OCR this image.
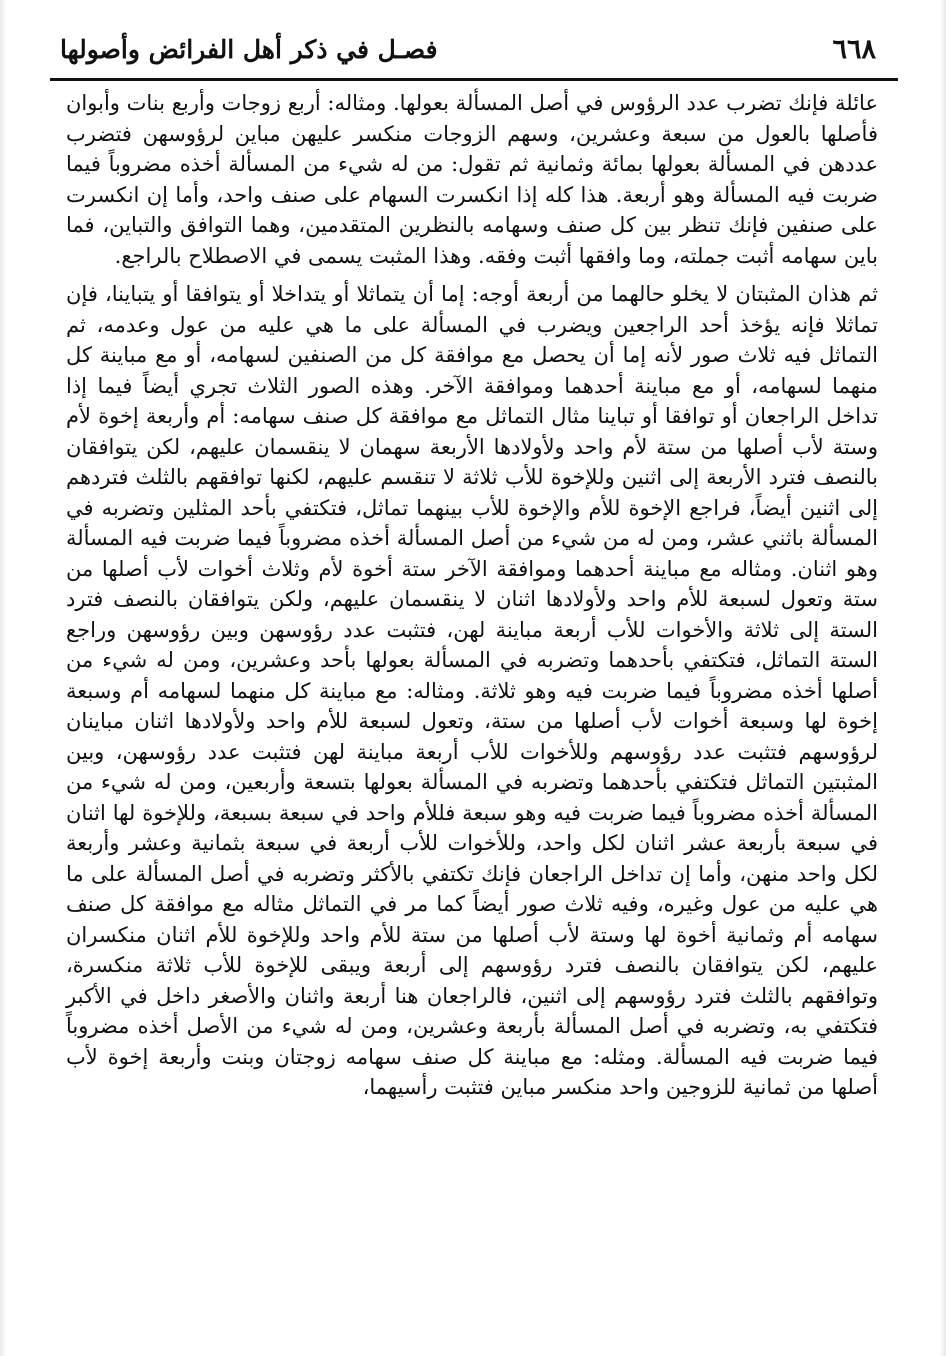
٦٦٨
فصـل في ذكر أهل الفرائض وأصولها

عائلة فإنك تضرب عدد الرؤوس في أصل المسألة بعولها. ومثاله: أربع زوجات وأربع بنات وأبوان فأصلها بالعول من سبعة وعشرين، وسهم الزوجات منكسر عليهن مباين لرؤوسهن فتضرب عددهن في المسألة بعولها بمائة وثمانية ثم تقول: من له شيء من المسألة أخذه مضروباً فيما ضربت فيه المسألة وهو أربعة. هذا كله إذا انكسرت السهام على صنف واحد، وأما إن انكسرت على صنفين فإنك تنظر بين كل صنف وسهامه بالنظرين المتقدمين، وهما التوافق والتباين، فما باين سهامه أثبت جملته، وما وافقها أثبت وفقه. وهذا المثبت يسمى في الاصطلاح بالراجع.

ثم هذان المثبتان لا يخلو حالهما من أربعة أوجه: إما أن يتماثلا أو يتداخلا أو يتوافقا أو يتباينا، فإن تماثلا فإنه يؤخذ أحد الراجعين ويضرب في المسألة على ما هي عليه من عول وعدمه، ثم التماثل فيه ثلاث صور لأنه إما أن يحصل مع موافقة كل من الصنفين لسهامه، أو مع مباينة كل منهما لسهامه، أو مع مباينة أحدهما وموافقة الآخر. وهذه الصور الثلاث تجري أيضاً فيما إذا تداخل الراجعان أو توافقا أو تباينا مثال التماثل مع موافقة كل صنف سهامه: أم وأربعة إخوة لأم وستة لأب أصلها من ستة لأم واحد ولأولادها الأربعة سهمان لا ينقسمان عليهم، لكن يتوافقان بالنصف فترد الأربعة إلى اثنين وللإخوة للأب ثلاثة لا تنقسم عليهم، لكنها توافقهم بالثلث فتردهم إلى اثنين أيضاً، فراجع الإخوة للأم والإخوة للأب بينهما تماثل، فتكتفي بأحد المثلين وتضربه في المسألة باثني عشر، ومن له من شيء من أصل المسألة أخذه مضروباً فيما ضربت فيه المسألة وهو اثنان. ومثاله مع مباينة أحدهما وموافقة الآخر ستة أخوة لأم وثلاث أخوات لأب أصلها من ستة وتعول لسبعة للأم واحد ولأولادها اثنان لا ينقسمان عليهم، ولكن يتوافقان بالنصف فترد الستة إلى ثلاثة والأخوات للأب أربعة مباينة لهن، فتثبت عدد رؤوسهن وبين رؤوسهن وراجع الستة التماثل، فتكتفي بأحدهما وتضربه في المسألة بعولها بأحد وعشرين، ومن له شيء من أصلها أخذه مضروباً فيما ضربت فيه وهو ثلاثة. ومثاله: مع مباينة كل منهما لسهامه أم وسبعة إخوة لها وسبعة أخوات لأب أصلها من ستة، وتعول لسبعة للأم واحد ولأولادها اثنان مباينان لرؤوسهم فتثبت عدد رؤوسهم وللأخوات للأب أربعة مباينة لهن فتثبت عدد رؤوسهن، وبين المثبتين التماثل فتكتفي بأحدهما وتضربه في المسألة بعولها بتسعة وأربعين، ومن له شيء من المسألة أخذه مضروباً فيما ضربت فيه وهو سبعة فللأم واحد في سبعة بسبعة، وللإخوة لها اثنان في سبعة بأربعة عشر اثنان لكل واحد، وللأخوات للأب أربعة في سبعة بثمانية وعشر وأربعة لكل واحد منهن، وأما إن تداخل الراجعان فإنك تكتفي بالأكثر وتضربه في أصل المسألة على ما هي عليه من عول وغيره، وفيه ثلاث صور أيضاً كما مر في التماثل مثاله مع موافقة كل صنف سهامه أم وثمانية أخوة لها وستة لأب أصلها من ستة للأم واحد وللإخوة للأم اثنان منكسران عليهم، لكن يتوافقان بالنصف فترد رؤوسهم إلى أربعة ويبقى للإخوة للأب ثلاثة منكسرة، وتوافقهم بالثلث فترد رؤوسهم إلى اثنين، فالراجعان هنا أربعة واثنان والأصغر داخل في الأكبر فتكتفي به، وتضربه في أصل المسألة بأربعة وعشرين، ومن له شيء من الأصل أخذه مضروباً فيما ضربت فيه المسألة. ومثله: مع مباينة كل صنف سهامه زوجتان وبنت وأربعة إخوة لأب أصلها من ثمانية للزوجين واحد منكسر مباين فتثبت رأسيهما،
